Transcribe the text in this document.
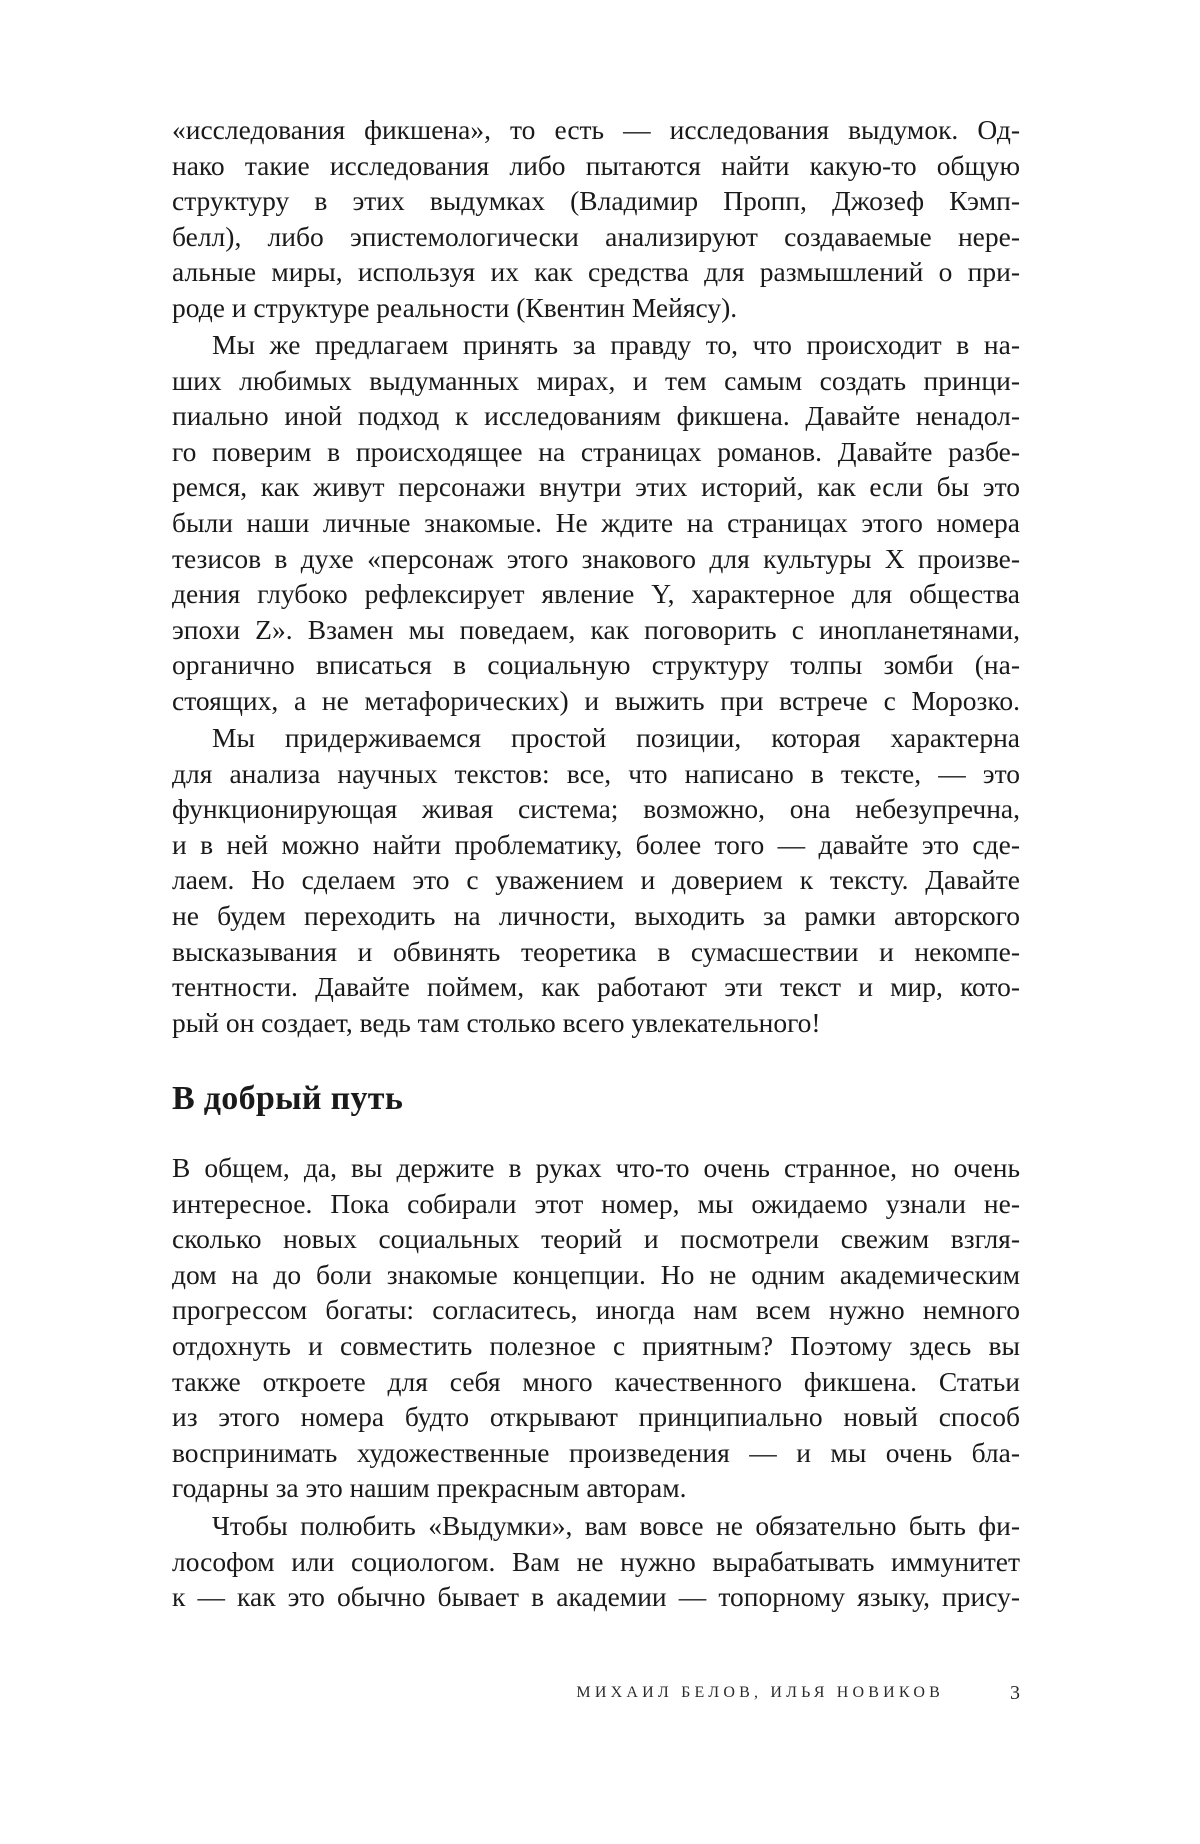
«исследования фикшена», то есть — исследования выдумок. Од-
нако такие исследования либо пытаются найти какую-то общую
структуру в этих выдумках (Владимир Пропп, Джозеф Кэмп-
белл), либо эпистемологически анализируют создаваемые нере-
альные миры, используя их как средства для размышлений о при-
роде и структуре реальности (Квентин Мейясу).

Мы же предлагаем принять за правду то, что происходит в на-
ших любимых выдуманных мирах, и тем самым создать принци-
пиально иной подход к исследованиям фикшена. Давайте ненадол-
го поверим в происходящее на страницах романов. Давайте разбе-
ремся, как живут персонажи внутри этих историй, как если бы это
были наши личные знакомые. Не ждите на страницах этого номера
тезисов в духе «персонаж этого знакового для культуры X произве-
дения глубоко рефлексирует явление Y, характерное для общества
эпохи Z». Взамен мы поведаем, как поговорить с инопланетянами,
органично вписаться в социальную структуру толпы зомби (на-
стоящих, а не метафорических) и выжить при встрече с Морозко.

Мы придерживаемся простой позиции, которая характерна
для анализа научных текстов: все, что написано в тексте, — это
функционирующая живая система; возможно, она небезупречна,
и в ней можно найти проблематику, более того — давайте это сде-
лаем. Но сделаем это с уважением и доверием к тексту. Давайте
не будем переходить на личности, выходить за рамки авторского
высказывания и обвинять теоретика в сумасшествии и некомпе-
тентности. Давайте поймем, как работают эти текст и мир, кото-
рый он создает, ведь там столько всего увлекательного!

В добрый путь

В общем, да, вы держите в руках что-то очень странное, но очень
интересное. Пока собирали этот номер, мы ожидаемо узнали не-
сколько новых социальных теорий и посмотрели свежим взгля-
дом на до боли знакомые концепции. Но не одним академическим
прогрессом богаты: согласитесь, иногда нам всем нужно немного
отдохнуть и совместить полезное с приятным? Поэтому здесь вы
также откроете для себя много качественного фикшена. Статьи
из этого номера будто открывают принципиально новый способ
воспринимать художественные произведения — и мы очень бла-
годарны за это нашим прекрасным авторам.

Чтобы полюбить «Выдумки», вам вовсе не обязательно быть фи-
лософом или социологом. Вам не нужно вырабатывать иммунитет
к — как это обычно бывает в академии — топорному языку, прису-

МИХАИЛ БЕЛОВ, ИЛЬЯ НОВИКОВ	3
